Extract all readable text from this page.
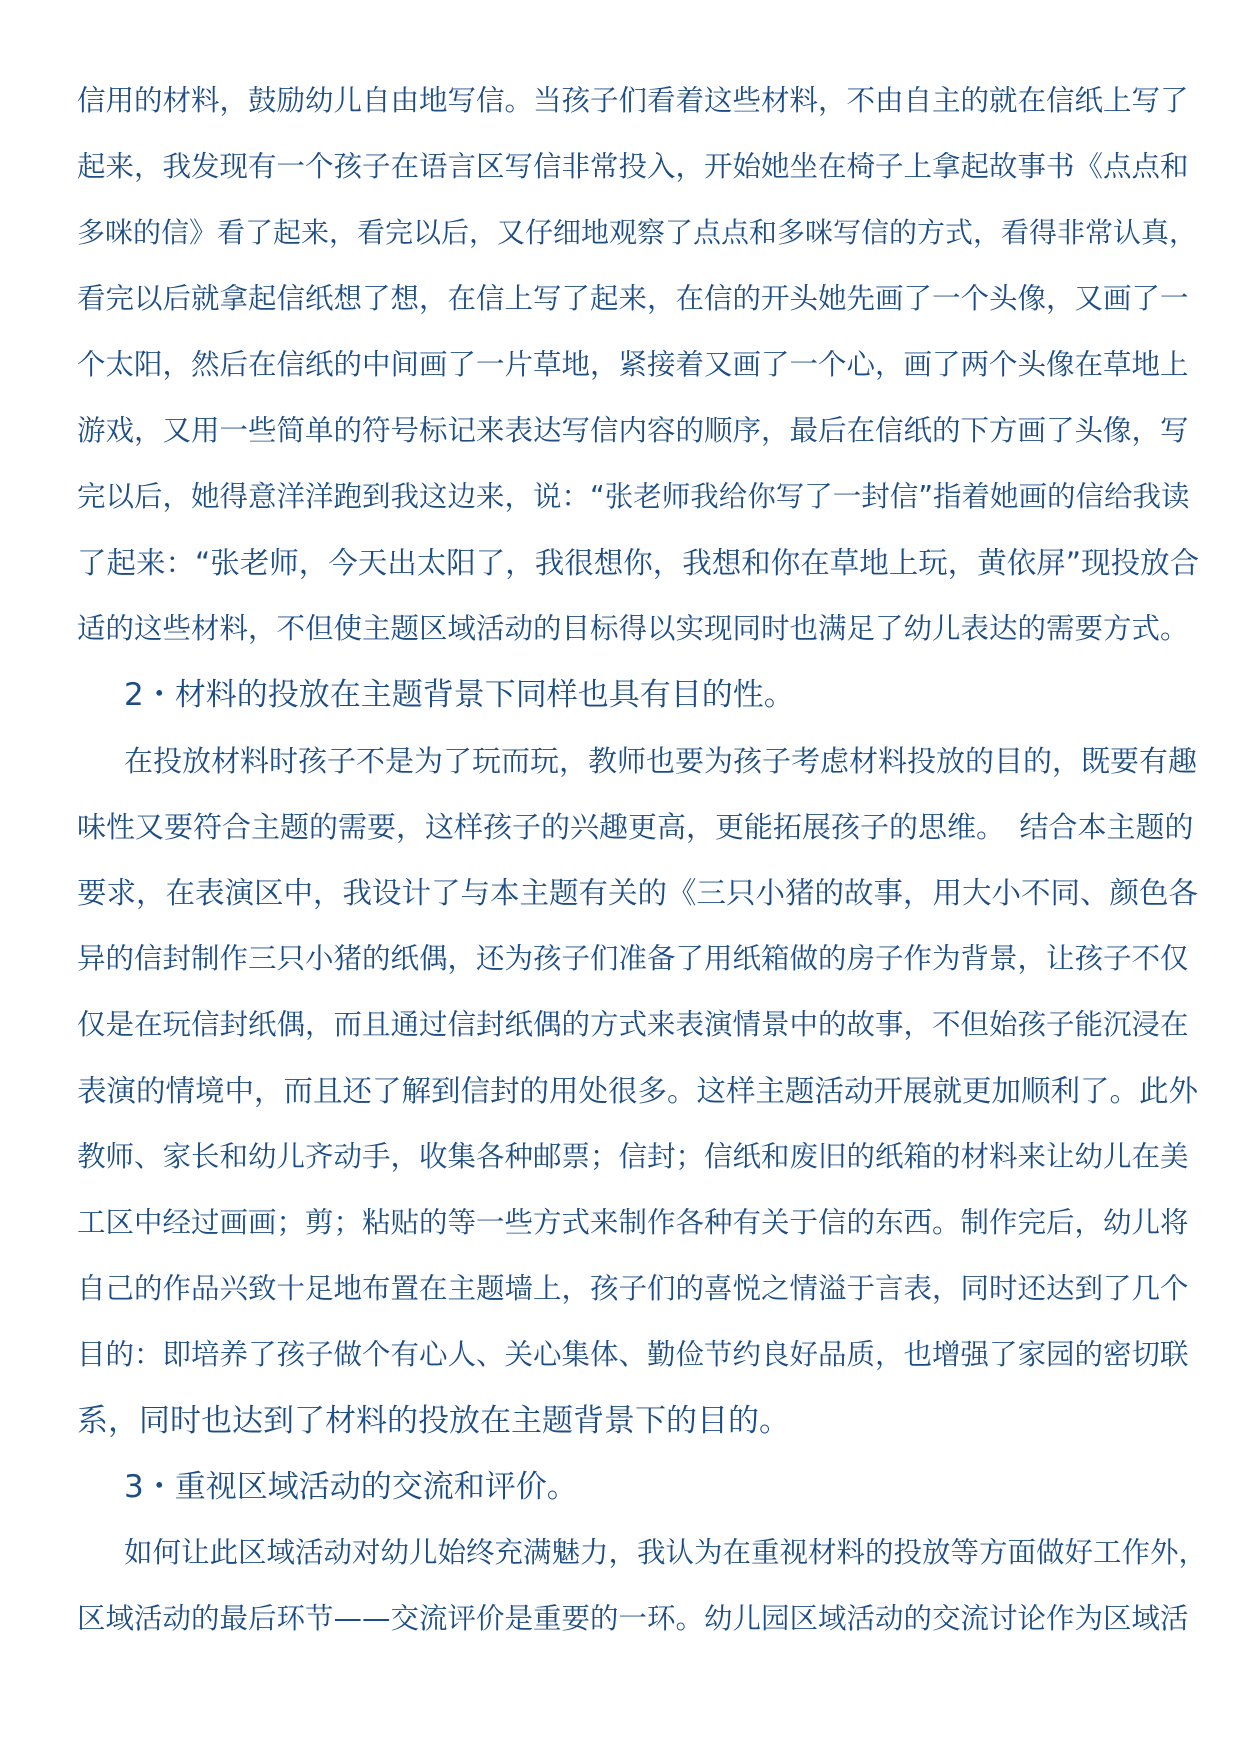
信用的材料，鼓励幼儿自由地写信。当孩子们看着这些材料，不由自主的就在信纸上写了
起来，我发现有一个孩子在语言区写信非常投入，开始她坐在椅子上拿起故事书《点点和
多咪的信》看了起来，看完以后，又仔细地观察了点点和多咪写信的方式，看得非常认真，
看完以后就拿起信纸想了想，在信上写了起来，在信的开头她先画了一个头像，又画了一
个太阳，然后在信纸的中间画了一片草地，紧接着又画了一个心，画了两个头像在草地上
游戏，又用一些简单的符号标记来表达写信内容的顺序，最后在信纸的下方画了头像，写
完以后，她得意洋洋跑到我这边来，说：“张老师我给你写了一封信”指着她画的信给我读
了起来：“张老师，今天出太阳了，我很想你，我想和你在草地上玩，黄依屏”现投放合
适的这些材料，不但使主题区域活动的目标得以实现同时也满足了幼儿表达的需要方式。
2・材料的投放在主题背景下同样也具有目的性。
在投放材料时孩子不是为了玩而玩，教师也要为孩子考虑材料投放的目的，既要有趣
味性又要符合主题的需要，这样孩子的兴趣更高，更能拓展孩子的思维。　结合本主题的
要求，在表演区中，我设计了与本主题有关的《三只小猪的故事，用大小不同、颜色各
异的信封制作三只小猪的纸偶，还为孩子们准备了用纸箱做的房子作为背景，让孩子不仅
仅是在玩信封纸偶，而且通过信封纸偶的方式来表演情景中的故事，不但始孩子能沉浸在
表演的情境中，而且还了解到信封的用处很多。这样主题活动开展就更加顺利了。此外
教师、家长和幼儿齐动手，收集各种邮票；信封；信纸和废旧的纸箱的材料来让幼儿在美
工区中经过画画；剪；粘贴的等一些方式来制作各种有关于信的东西。制作完后，幼儿将
自己的作品兴致十足地布置在主题墙上，孩子们的喜悦之情溢于言表，同时还达到了几个
目的：即培养了孩子做个有心人、关心集体、勤俭节约良好品质，也增强了家园的密切联
系，同时也达到了材料的投放在主题背景下的目的。
3・重视区域活动的交流和评价。
如何让此区域活动对幼儿始终充满魅力，我认为在重视材料的投放等方面做好工作外，
区域活动的最后环节——交流评价是重要的一环。幼儿园区域活动的交流讨论作为区域活
